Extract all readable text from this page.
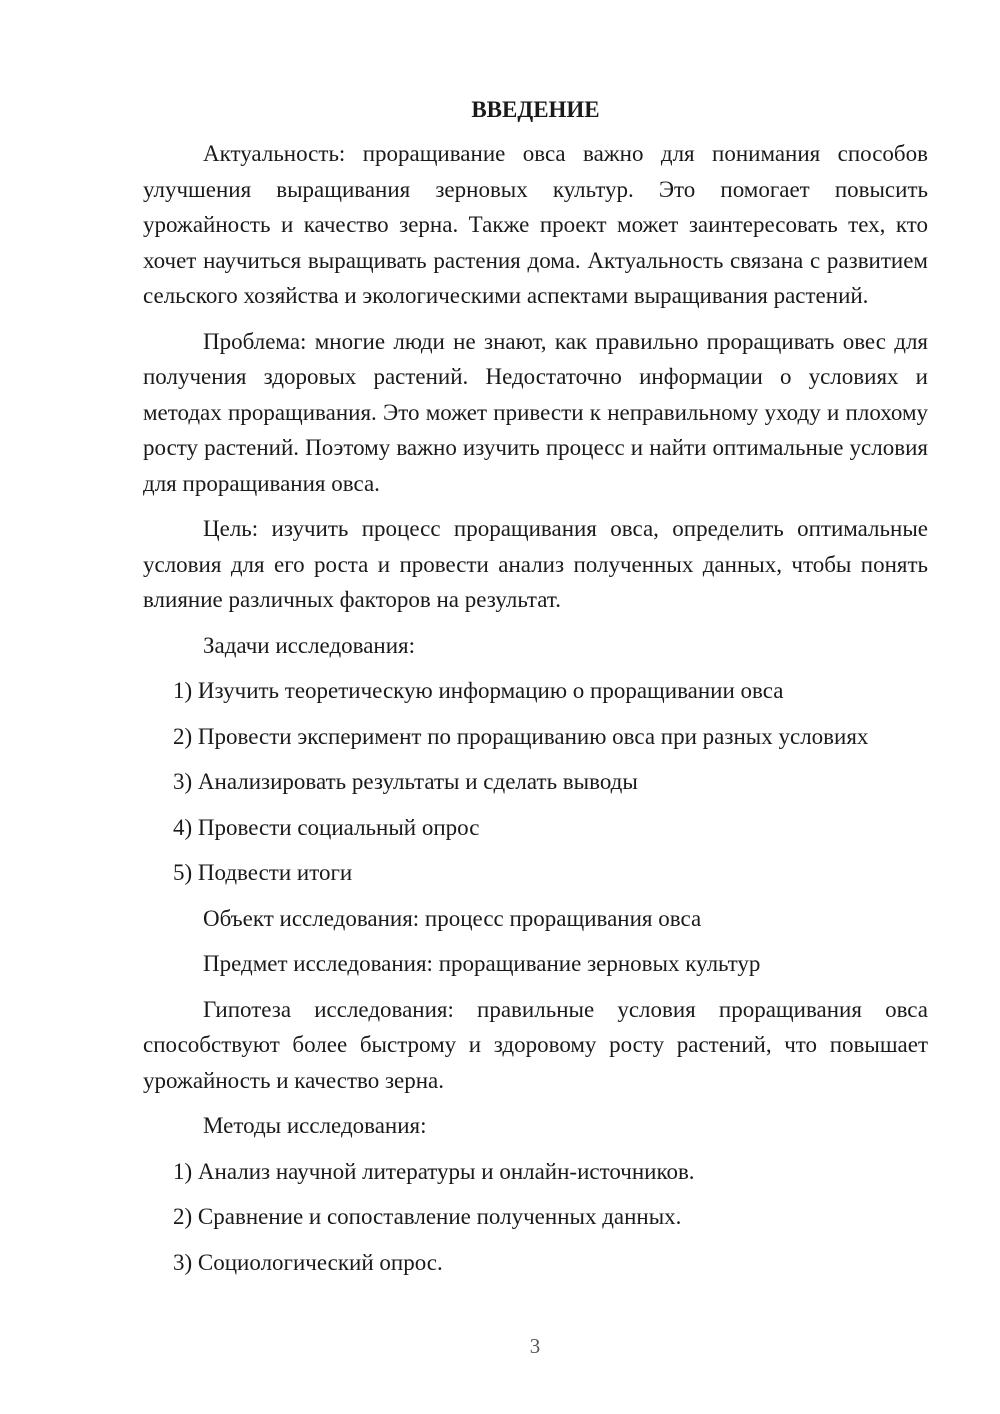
ВВЕДЕНИЕ

Актуальность: проращивание овса важно для понимания способов улучшения выращивания зерновых культур. Это помогает повысить урожайность и качество зерна. Также проект может заинтересовать тех, кто хочет научиться выращивать растения дома. Актуальность связана с развитием сельского хозяйства и экологическими аспектами выращивания растений.

Проблема: многие люди не знают, как правильно проращивать овес для получения здоровых растений. Недостаточно информации о условиях и методах проращивания. Это может привести к неправильному уходу и плохому росту растений. Поэтому важно изучить процесс и найти оптимальные условия для проращивания овса.

Цель: изучить процесс проращивания овса, определить оптимальные условия для его роста и провести анализ полученных данных, чтобы понять влияние различных факторов на результат.

Задачи исследования:
1) Изучить теоретическую информацию о проращивании овса
2) Провести эксперимент по проращиванию овса при разных условиях
3) Анализировать результаты и сделать выводы
4) Провести социальный опрос
5) Подвести итоги
Объект исследования: процесс проращивания овса
Предмет исследования: проращивание зерновых культур

Гипотеза исследования: правильные условия проращивания овса способствуют более быстрому и здоровому росту растений, что повышает урожайность и качество зерна.

Методы исследования:
1) Анализ научной литературы и онлайн-источников.
2) Сравнение и сопоставление полученных данных.
3) Социологический опрос.
3
